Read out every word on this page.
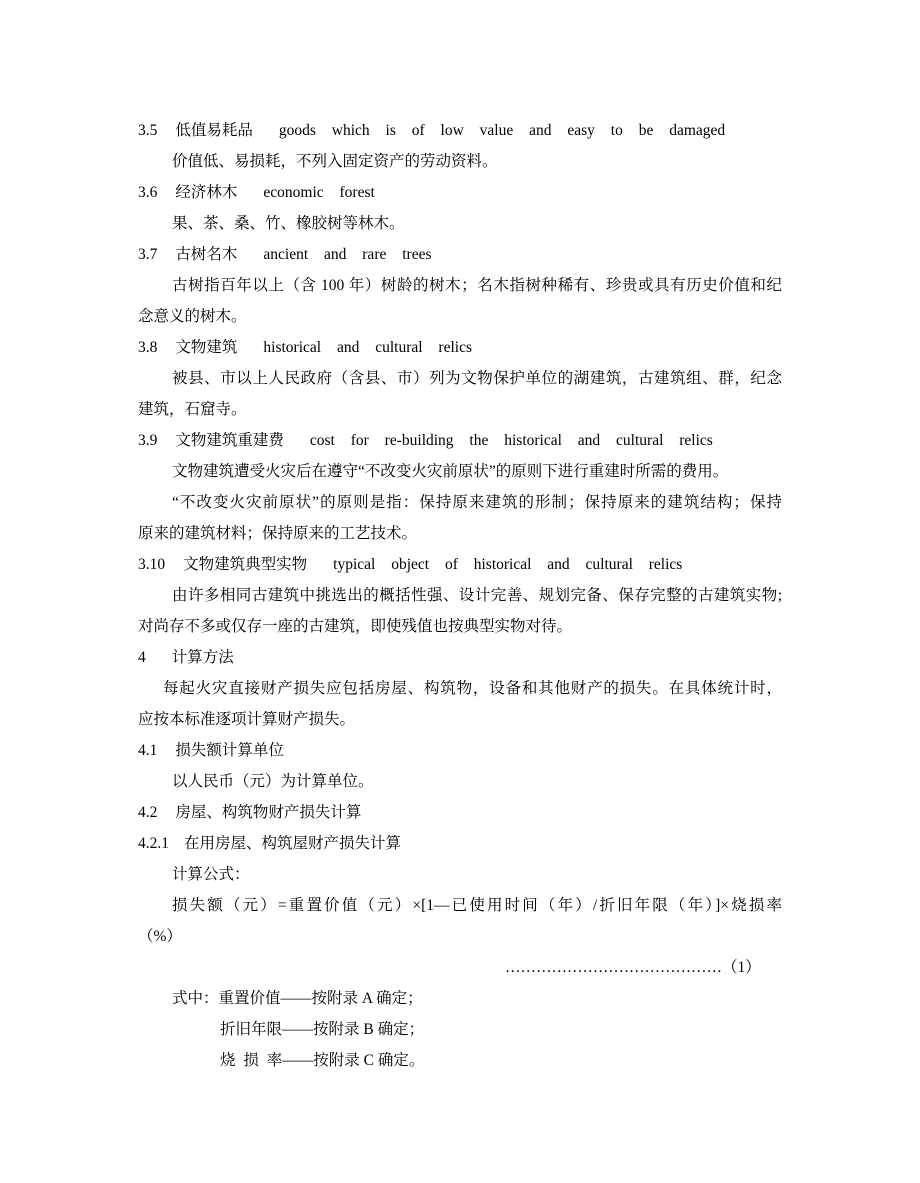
3.5 低值易耗品 goods which is of low value and easy to be damaged
价值低、易损耗，不列入固定资产的劳动资料。
3.6 经济林木 economic forest
果、茶、桑、竹、橡胶树等林木。
3.7 古树名木 ancient and rare trees
古树指百年以上（含 100 年）树龄的树木；名木指树种稀有、珍贵或具有历史价值和纪
念意义的树木。
3.8 文物建筑 historical and cultural relics
被县、市以上人民政府（含县、市）列为文物保护单位的湖建筑，古建筑组、群，纪念
建筑，石窟寺。
3.9 文物建筑重建费 cost for re-building the historical and cultural relics
文物建筑遭受火灾后在遵守“不改变火灾前原状”的原则下进行重建时所需的费用。
“不改变火灾前原状”的原则是指：保持原来建筑的形制；保持原来的建筑结构；保持
原来的建筑材料；保持原来的工艺技术。
3.10 文物建筑典型实物 typical object of historical and cultural relics
由许多相同古建筑中挑选出的概括性强、设计完善、规划完备、保存完整的古建筑实物;
对尚存不多或仅存一座的古建筑，即使残值也按典型实物对待。
4 计算方法
每起火灾直接财产损失应包括房屋、构筑物，设备和其他财产的损失。在具体统计时，
应按本标准逐项计算财产损失。
4.1 损失额计算单位
以人民币（元）为计算单位。
4.2 房屋、构筑物财产损失计算
4.2.1 在用房屋、构筑屋财产损失计算
计算公式：
损失额（元）=重置价值（元）×[1—已使用时间（年）/折旧年限（年）]×烧损率
（%）
……………………………………（1）
式中：重置价值——按附录 A 确定；
折旧年限——按附录 B 确定；
烧 损 率——按附录 C 确定。
